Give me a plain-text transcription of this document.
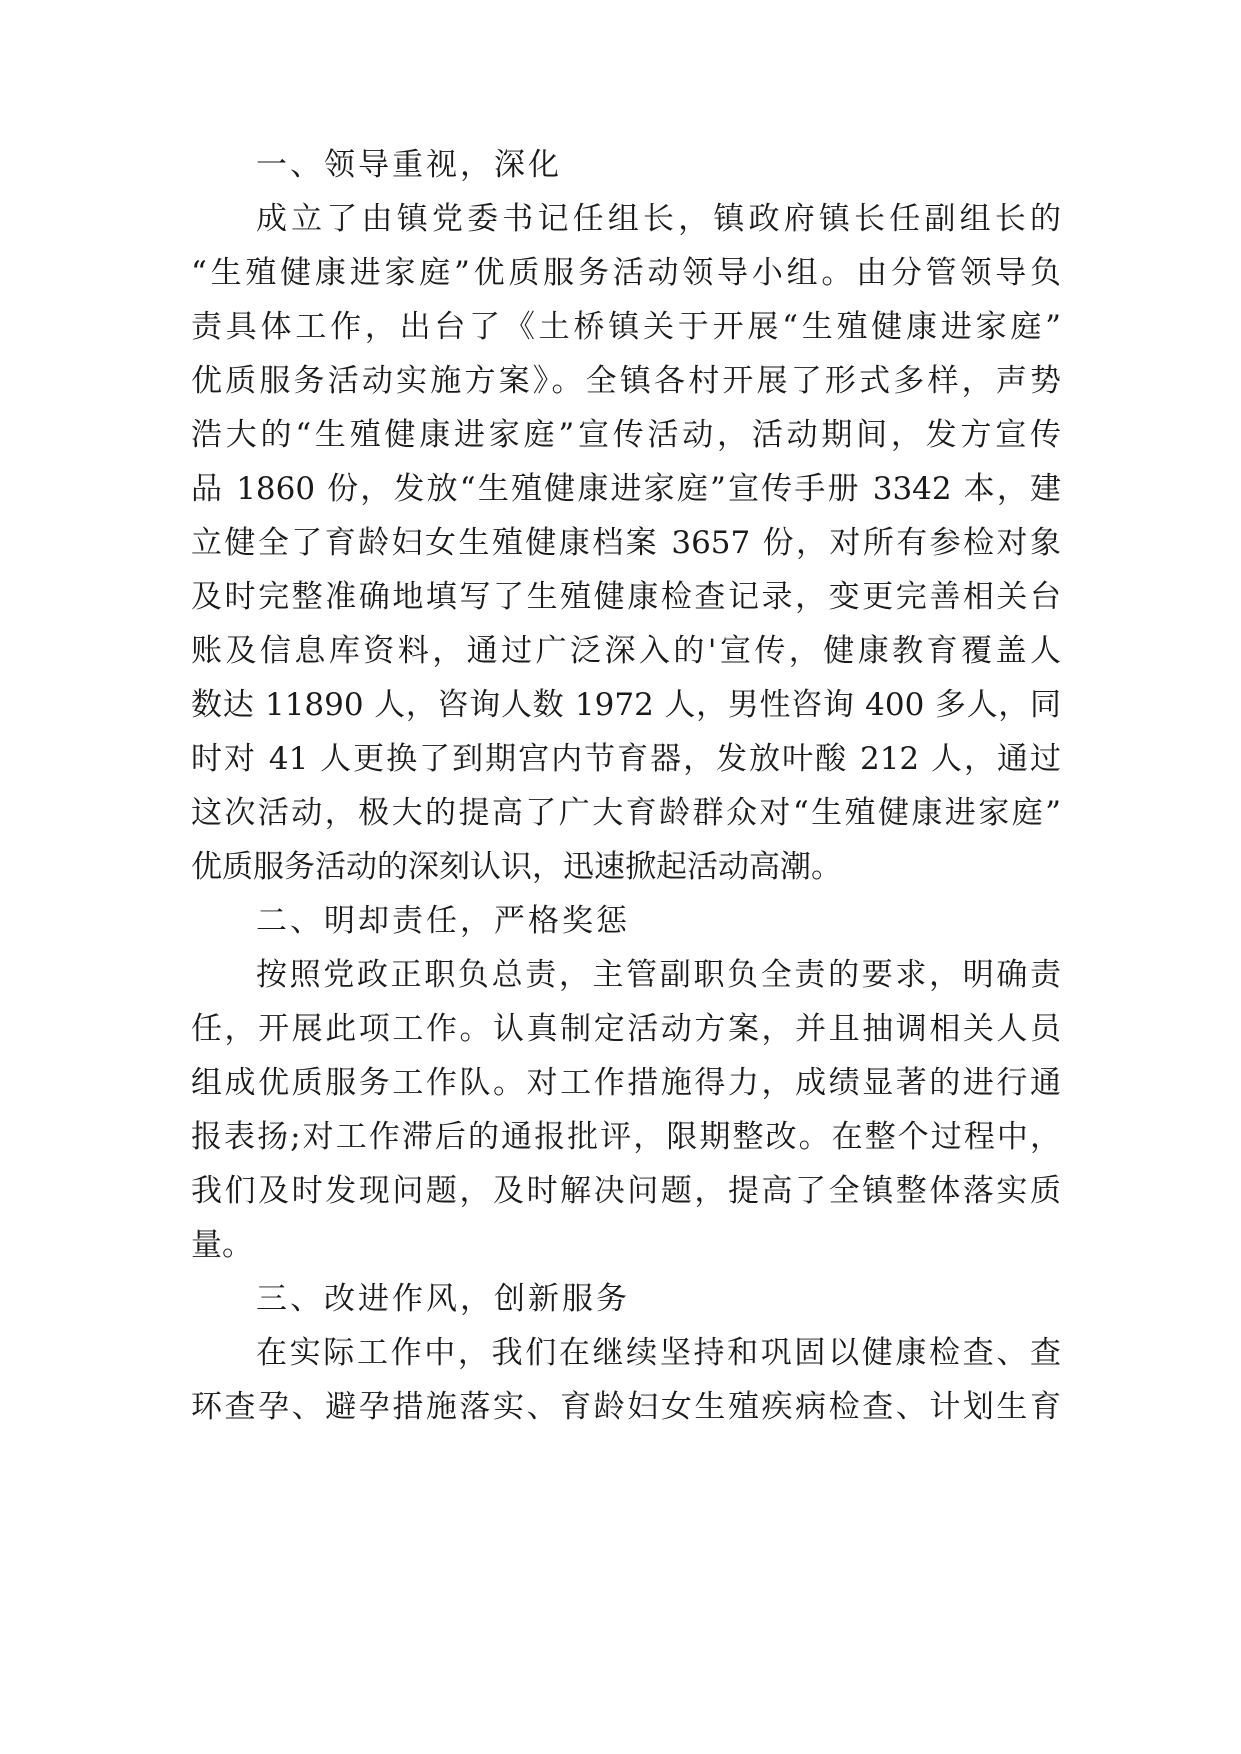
一、领导重视，深化
成立了由镇党委书记任组长，镇政府镇长任副组长的
“生殖健康进家庭”优质服务活动领导小组。由分管领导负
责具体工作，出台了《土桥镇关于开展“生殖健康进家庭”
优质服务活动实施方案》。全镇各村开展了形式多样，声势
浩大的“生殖健康进家庭”宣传活动，活动期间，发方宣传
品 1860 份，发放“生殖健康进家庭”宣传手册 3342 本，建
立健全了育龄妇女生殖健康档案 3657 份，对所有参检对象
及时完整准确地填写了生殖健康检查记录，变更完善相关台
账及信息库资料，通过广泛深入的'宣传，健康教育覆盖人
数达 11890 人，咨询人数 1972 人，男性咨询 400 多人，同
时对 41 人更换了到期宫内节育器，发放叶酸 212 人，通过
这次活动，极大的提高了广大育龄群众对“生殖健康进家庭”
优质服务活动的深刻认识，迅速掀起活动高潮。
二、明却责任，严格奖惩
按照党政正职负总责，主管副职负全责的要求，明确责
任，开展此项工作。认真制定活动方案，并且抽调相关人员
组成优质服务工作队。对工作措施得力，成绩显著的进行通
报表扬;对工作滞后的通报批评，限期整改。在整个过程中，
我们及时发现问题，及时解决问题，提高了全镇整体落实质
量。
三、改进作风，创新服务
在实际工作中，我们在继续坚持和巩固以健康检查、查
环查孕、避孕措施落实、育龄妇女生殖疾病检查、计划生育
